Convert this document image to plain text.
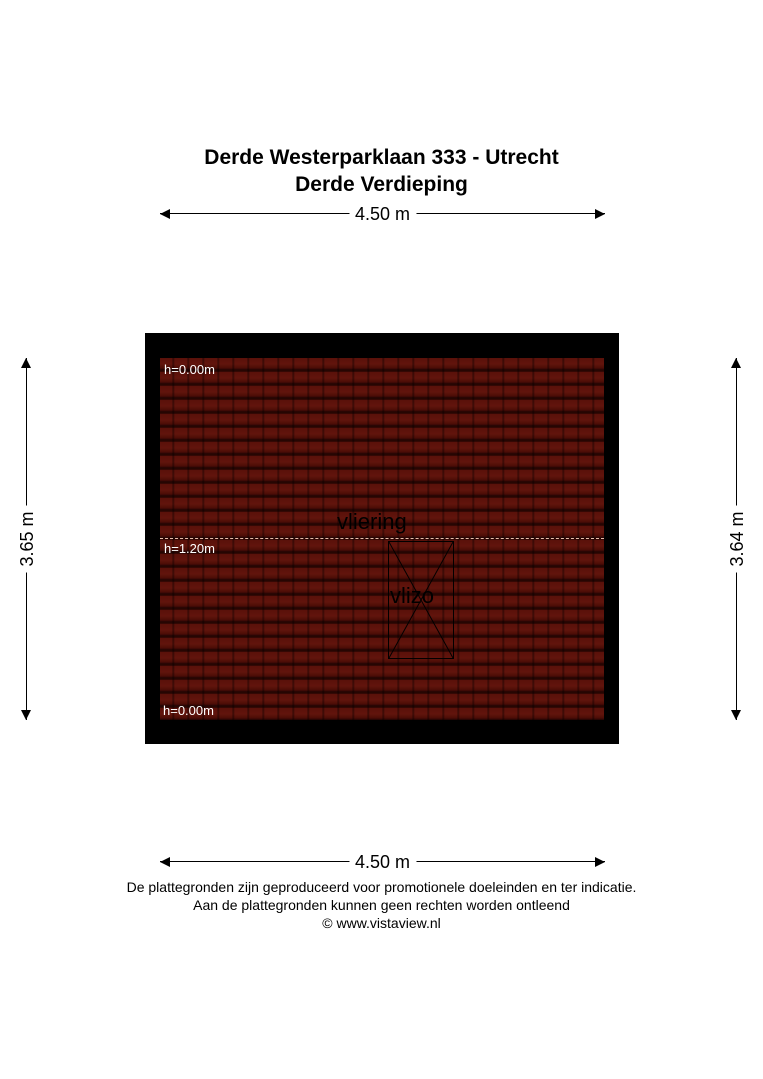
Derde Westerparklaan 333 - Utrecht
Derde Verdieping
4.50 m
3.65 m	3.64 m
h=0.00m
h=1.20m
h=0.00m
vliering
vlizo
4.50 m
De plattegronden zijn geproduceerd voor promotionele doeleinden en ter indicatie.
Aan de plattegronden kunnen geen rechten worden ontleend
© www.vistaview.nl
